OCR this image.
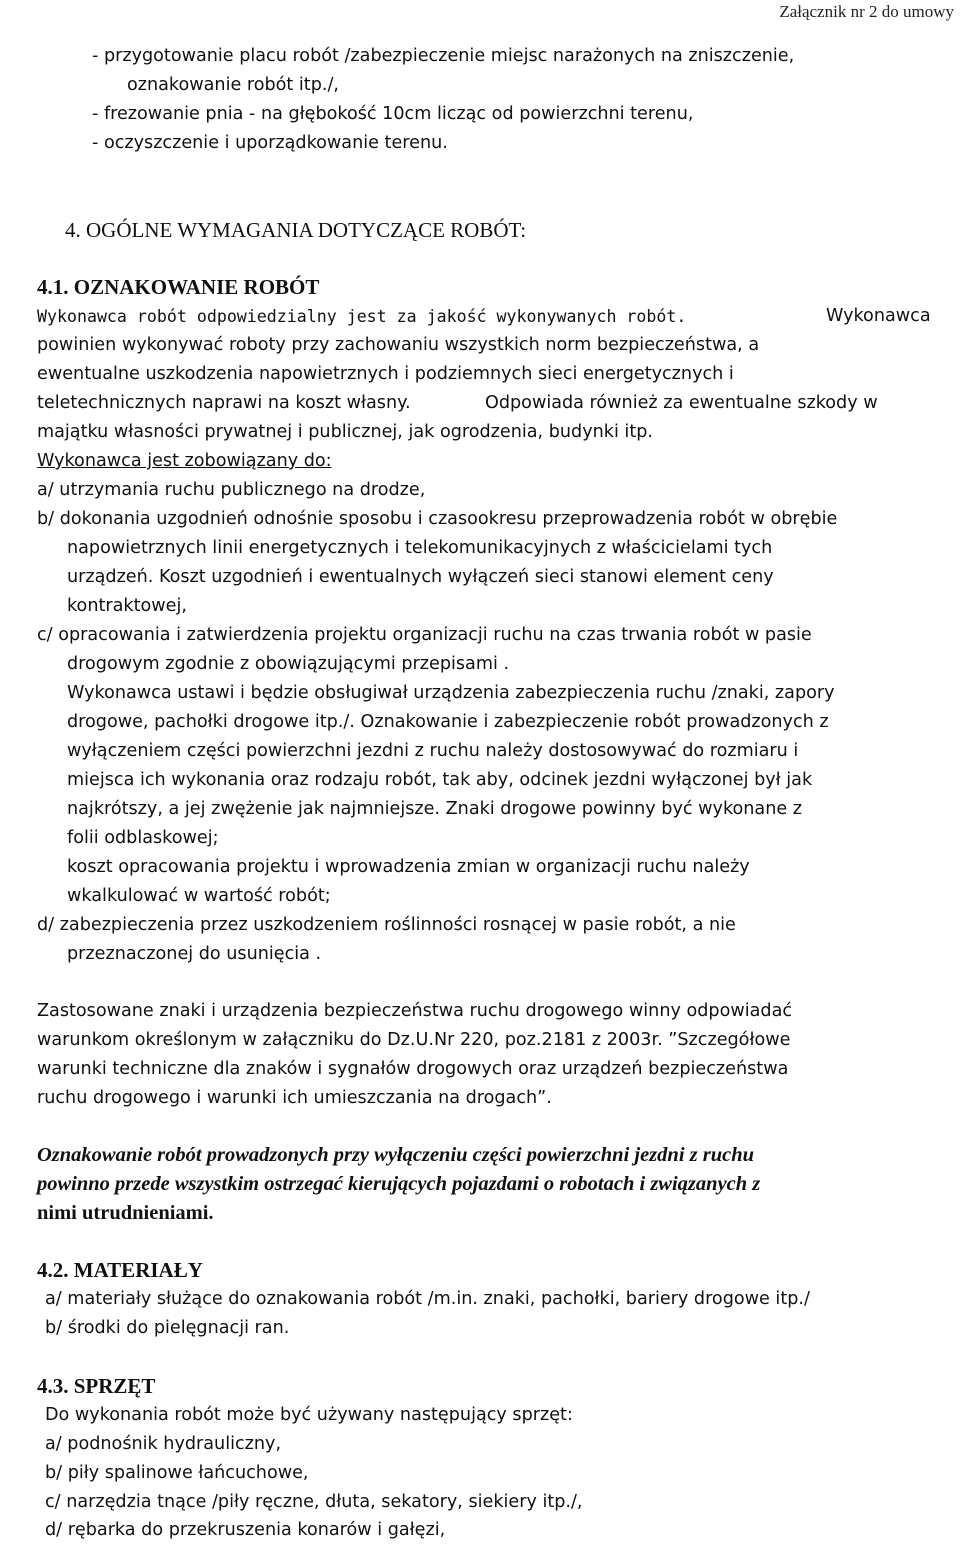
Załącznik nr 2 do umowy
- przygotowanie placu robót /zabezpieczenie miejsc narażonych na zniszczenie,
oznakowanie robót itp./,
- frezowanie pnia - na głębokość 10cm licząc od powierzchni terenu,
- oczyszczenie i uporządkowanie terenu.
4. OGÓLNE WYMAGANIA DOTYCZĄCE ROBÓT:
4.1. OZNAKOWANIE ROBÓT
Wykonawca robót odpowiedzialny jest za jakość wykonywanych robót.	Wykonawca
powinien wykonywać roboty przy zachowaniu wszystkich norm bezpieczeństwa, a
ewentualne uszkodzenia napowietrznych i podziemnych sieci energetycznych i
teletechnicznych naprawi na koszt własny.	Odpowiada również za ewentualne szkody w
majątku własności prywatnej i publicznej, jak ogrodzenia, budynki itp.
Wykonawca jest zobowiązany do:
a/ utrzymania ruchu publicznego na drodze,
b/ dokonania uzgodnień odnośnie sposobu i czasookresu przeprowadzenia robót w obrębie
napowietrznych linii energetycznych i telekomunikacyjnych z właścicielami tych
urządzeń. Koszt uzgodnień i ewentualnych wyłączeń sieci stanowi element ceny
kontraktowej,
c/ opracowania i zatwierdzenia projektu organizacji ruchu na czas trwania robót w pasie
drogowym zgodnie z obowiązującymi przepisami .
Wykonawca ustawi i będzie obsługiwał urządzenia zabezpieczenia ruchu /znaki, zapory
drogowe, pachołki drogowe itp./. Oznakowanie i zabezpieczenie robót prowadzonych z
wyłączeniem części powierzchni jezdni z ruchu należy dostosowywać do rozmiaru i
miejsca ich wykonania oraz rodzaju robót, tak aby, odcinek jezdni wyłączonej był jak
najkrótszy, a jej zwężenie jak najmniejsze. Znaki drogowe powinny być wykonane z
folii odblaskowej;
koszt opracowania projektu i wprowadzenia zmian w organizacji ruchu należy
wkalkulować w wartość robót;
d/ zabezpieczenia przez uszkodzeniem roślinności rosnącej w pasie robót, a nie
przeznaczonej do usunięcia .
Zastosowane znaki i urządzenia bezpieczeństwa ruchu drogowego winny odpowiadać
warunkom określonym w załączniku do Dz.U.Nr 220, poz.2181 z 2003r. ”Szczegółowe
warunki techniczne dla znaków i sygnałów drogowych oraz urządzeń bezpieczeństwa
ruchu drogowego i warunki ich umieszczania na drogach”.
Oznakowanie robót prowadzonych przy wyłączeniu części powierzchni jezdni z ruchu
powinno przede wszystkim ostrzegać kierujących pojazdami o robotach i związanych z
nimi utrudnieniami.
4.2. MATERIAŁY
a/ materiały służące do oznakowania robót /m.in. znaki, pachołki, bariery drogowe itp./
b/ środki do pielęgnacji ran.
4.3. SPRZĘT
Do wykonania robót może być używany następujący sprzęt:
a/ podnośnik hydrauliczny,
b/ piły spalinowe łańcuchowe,
c/ narzędzia tnące /piły ręczne, dłuta, sekatory, siekiery itp./,
d/ rębarka do przekruszenia konarów i gałęzi,
